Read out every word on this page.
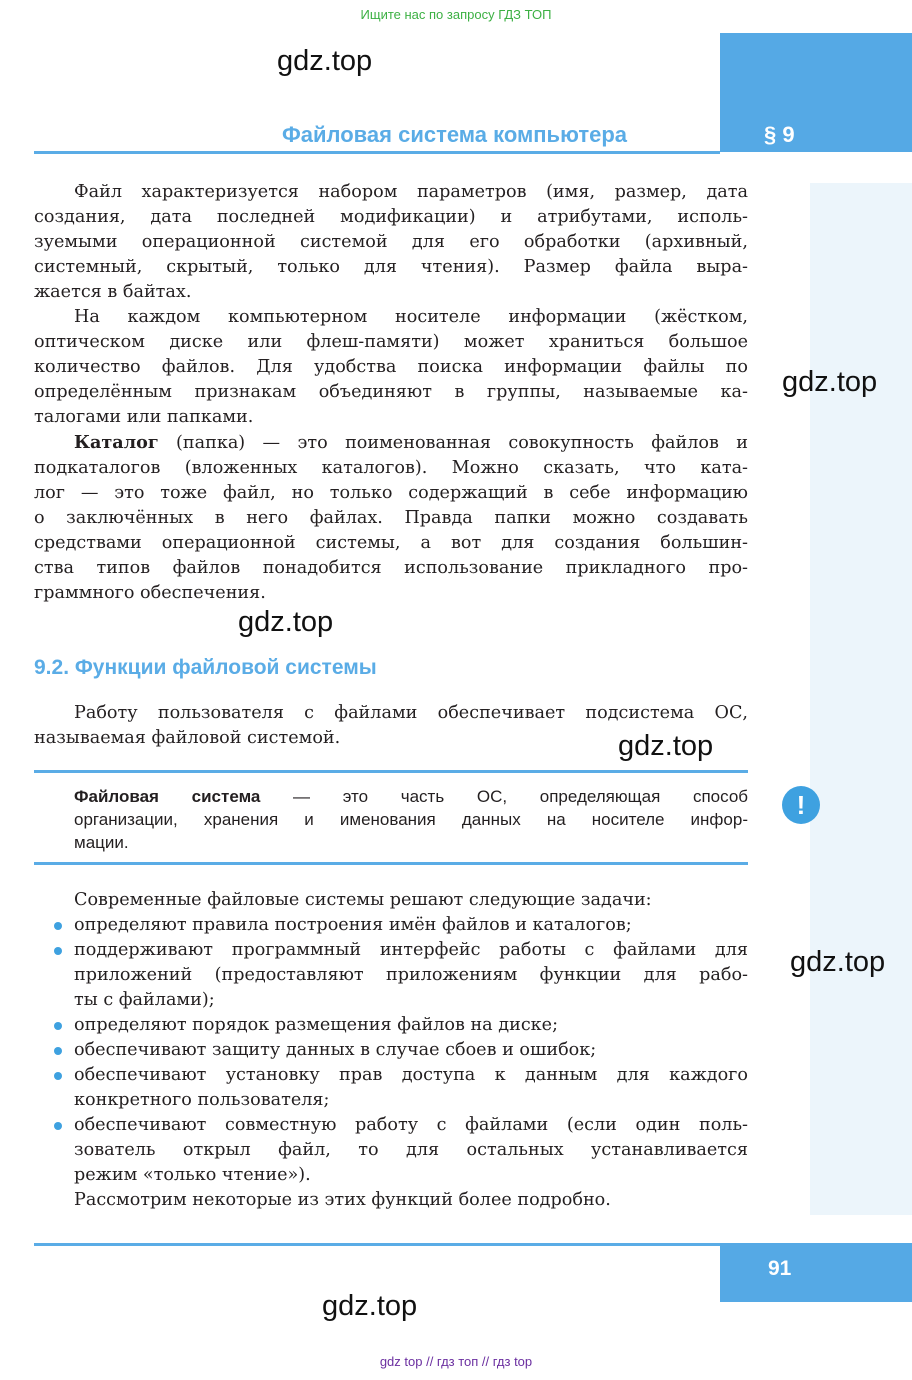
Ищите нас по запросу ГДЗ ТОП
§ 9
Файловая система компьютера
gdz.top
gdz.top
gdz.top
gdz.top
gdz.top
gdz.top
Файл характеризуется набором параметров (имя, размер, дата
создания, дата последней модификации) и атрибутами, исполь-
зуемыми операционной системой для его обработки (архивный,
системный, скрытый, только для чтения). Размер файла выра-
жается в байтах.
На каждом компьютерном носителе информации (жёстком,
оптическом диске или флеш-памяти) может храниться большое
количество файлов. Для удобства поиска информации файлы по
определённым признакам объединяют в группы, называемые ка-
талогами или папками.
Каталог (папка) — это поименованная совокупность файлов и
подкаталогов (вложенных каталогов). Можно сказать, что ката-
лог — это тоже файл, но только содержащий в себе информацию
о заключённых в него файлах. Правда папки можно создавать
средствами операционной системы, а вот для создания большин-
ства типов файлов понадобится использование прикладного про-
граммного обеспечения.
9.2. Функции файловой системы
Работу пользователя с файлами обеспечивает подсистема ОС,
называемая файловой системой.
Файловая система — это часть ОС, определяющая способ
организации, хранения и именования данных на носителе инфор-
мации.
!
Современные файловые системы решают следующие задачи:
определяют правила построения имён файлов и каталогов;
поддерживают программный интерфейс работы с файлами для
приложений (предоставляют приложениям функции для рабо-
ты с файлами);
определяют порядок размещения файлов на диске;
обеспечивают защиту данных в случае сбоев и ошибок;
обеспечивают установку прав доступа к данным для каждого
конкретного пользователя;
обеспечивают совместную работу с файлами (если один поль-
зователь открыл файл, то для остальных устанавливается
режим «только чтение»).
Рассмотрим некоторые из этих функций более подробно.
91
gdz top // гдз топ // гдз top
